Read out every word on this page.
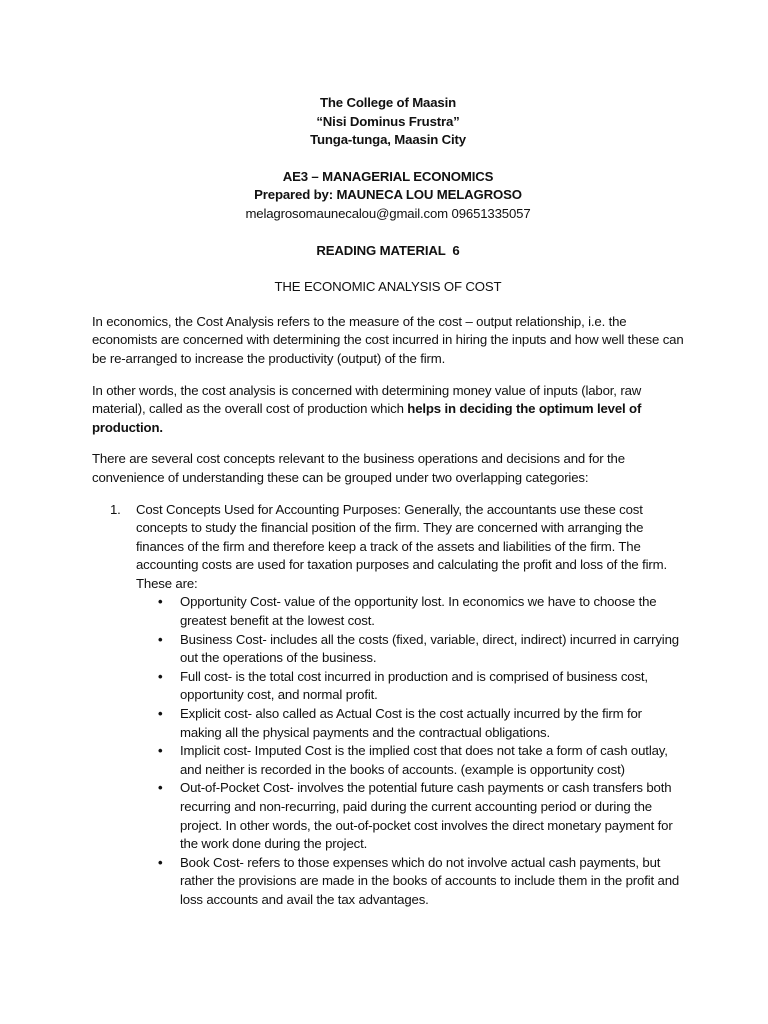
The College of Maasin
“Nisi Dominus Frustra”
Tunga-tunga, Maasin City
AE3 – MANAGERIAL ECONOMICS
Prepared by: MAUNECA LOU MELAGROSO
melagrosomaunecalou@gmail.com 09651335057
READING MATERIAL  6
THE ECONOMIC ANALYSIS OF COST

In economics, the Cost Analysis refers to the measure of the cost – output relationship, i.e. the economists are concerned with determining the cost incurred in hiring the inputs and how well these can be re-arranged to increase the productivity (output) of the firm.

In other words, the cost analysis is concerned with determining money value of inputs (labor, raw material), called as the overall cost of production which helps in deciding the optimum level of production.

There are several cost concepts relevant to the business operations and decisions and for the convenience of understanding these can be grouped under two overlapping categories:

1. Cost Concepts Used for Accounting Purposes: Generally, the accountants use these cost concepts to study the financial position of the firm. They are concerned with arranging the finances of the firm and therefore keep a track of the assets and liabilities of the firm. The accounting costs are used for taxation purposes and calculating the profit and loss of the firm. These are:
• Opportunity Cost- value of the opportunity lost. In economics we have to choose the greatest benefit at the lowest cost.
• Business Cost- includes all the costs (fixed, variable, direct, indirect) incurred in carrying out the operations of the business.
• Full cost- is the total cost incurred in production and is comprised of business cost, opportunity cost, and normal profit.
• Explicit cost- also called as Actual Cost is the cost actually incurred by the firm for making all the physical payments and the contractual obligations.
• Implicit cost- Imputed Cost is the implied cost that does not take a form of cash outlay, and neither is recorded in the books of accounts. (example is opportunity cost)
• Out-of-Pocket Cost- involves the potential future cash payments or cash transfers both recurring and non-recurring, paid during the current accounting period or during the project. In other words, the out-of-pocket cost involves the direct monetary payment for the work done during the project.
• Book Cost- refers to those expenses which do not involve actual cash payments, but rather the provisions are made in the books of accounts to include them in the profit and loss accounts and avail the tax advantages.
